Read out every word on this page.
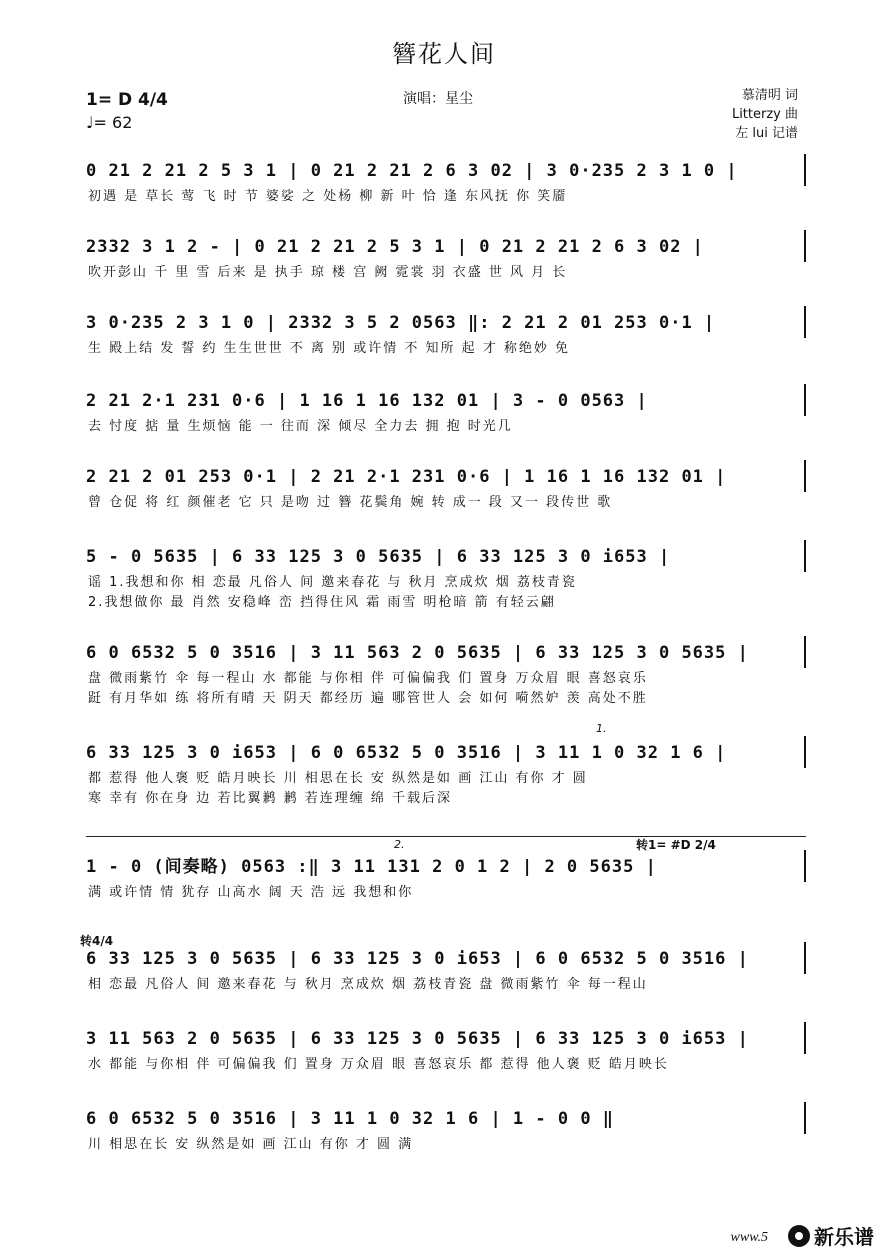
簪花人间
1= D 4/4
♩= 62
演唱：星尘	慕清明 词
Litterzy 曲
左 lui 记谱
0 21 2 21 2 5 3 1 | 0 21 2 21 2 6 3 02 | 3 0·235 2 3 1 0 |
初遇 是 草长 莺 飞 时 节 婆娑 之 处杨 柳 新 叶 恰 逢 东风抚 你 笑靥
2332 3 1 2 - | 0 21 2 21 2 5 3 1 | 0 21 2 21 2 6 3 02 |
吹开彭山 千 里 雪 后来 是 执手 琼 楼 宫 阙 霓裳 羽 衣盛 世 风 月 长
3 0·235 2 3 1 0 | 2332 3 5 2 0563 ‖: 2 21 2 01 253 0·1 |
生 殿上结 发 誓 约 生生世世 不 离 别 或许情 不 知所 起 才 称绝妙 免
2 21 2·1 231 0·6 | 1 16 1 16 132 01 | 3 - 0 0563 |
去 忖度 掂 量 生烦恼 能 一 往而 深 倾尽 全力去 拥 抱 时光几
2 21 2 01 253 0·1 | 2 21 2·1 231 0·6 | 1 16 1 16 132 01 |
曾 仓促 将 红 颜催老 它 只 是吻 过 簪 花鬓角 婉 转 成一 段 又一 段传世 歌
5 - 0 5635 | 6 33 125 3 0 5635 | 6 33 125 3 0 i653 |
谣 1.我想和你 相 恋最 凡俗人 间 邀来春花 与 秋月 烹成炊 烟 荔枝青瓷
2.我想做你 最 肖然 安稳峰 峦 挡得住风 霜 雨雪 明枪暗 箭 有轻云翩
6 0 6532 5 0 3516 | 3 11 563 2 0 5635 | 6 33 125 3 0 5635 |
盘 微雨紫竹 伞 每一程山 水 都能 与你相 伴 可偏偏我 们 置身 万众眉 眼 喜怒哀乐
跹 有月华如 练 将所有晴 天 阴天 都经历 遍 哪管世人 会 如何 嗬然妒 羡 高处不胜
6 33 125 3 0 i653 | 6 0 6532 5 0 3516 | 3 11 1 0 32 1 6 |
都 惹得 他人褒 贬 皓月映长 川 相思在长 安 纵然是如 画 江山 有你 才 圆
寒 幸有 你在身 边 若比翼鹣 鹣 若连理缠 绵 千载后深
1 - 0 (间奏略) 0563 :‖ 3 11 131 2 0 1 2 | 2 0 5635 |
满 或许情 情 犹存 山高水 阔 天 浩 远 我想和你
6 33 125 3 0 5635 | 6 33 125 3 0 i653 | 6 0 6532 5 0 3516 |
相 恋最 凡俗人 间 邀来春花 与 秋月 烹成炊 烟 荔枝青瓷 盘 微雨紫竹 伞 每一程山
3 11 563 2 0 5635 | 6 33 125 3 0 5635 | 6 33 125 3 0 i653 |
水 都能 与你相 伴 可偏偏我 们 置身 万众眉 眼 喜怒哀乐 都 惹得 他人褒 贬 皓月映长
6 0 6532 5 0 3516 | 3 11 1 0 32 1 6 | 1 - 0 0 ‖
川 相思在长 安 纵然是如 画 江山 有你 才 圆 满
1.
2.	转1= #D 2/4
转4/4
www.5 新乐谱
